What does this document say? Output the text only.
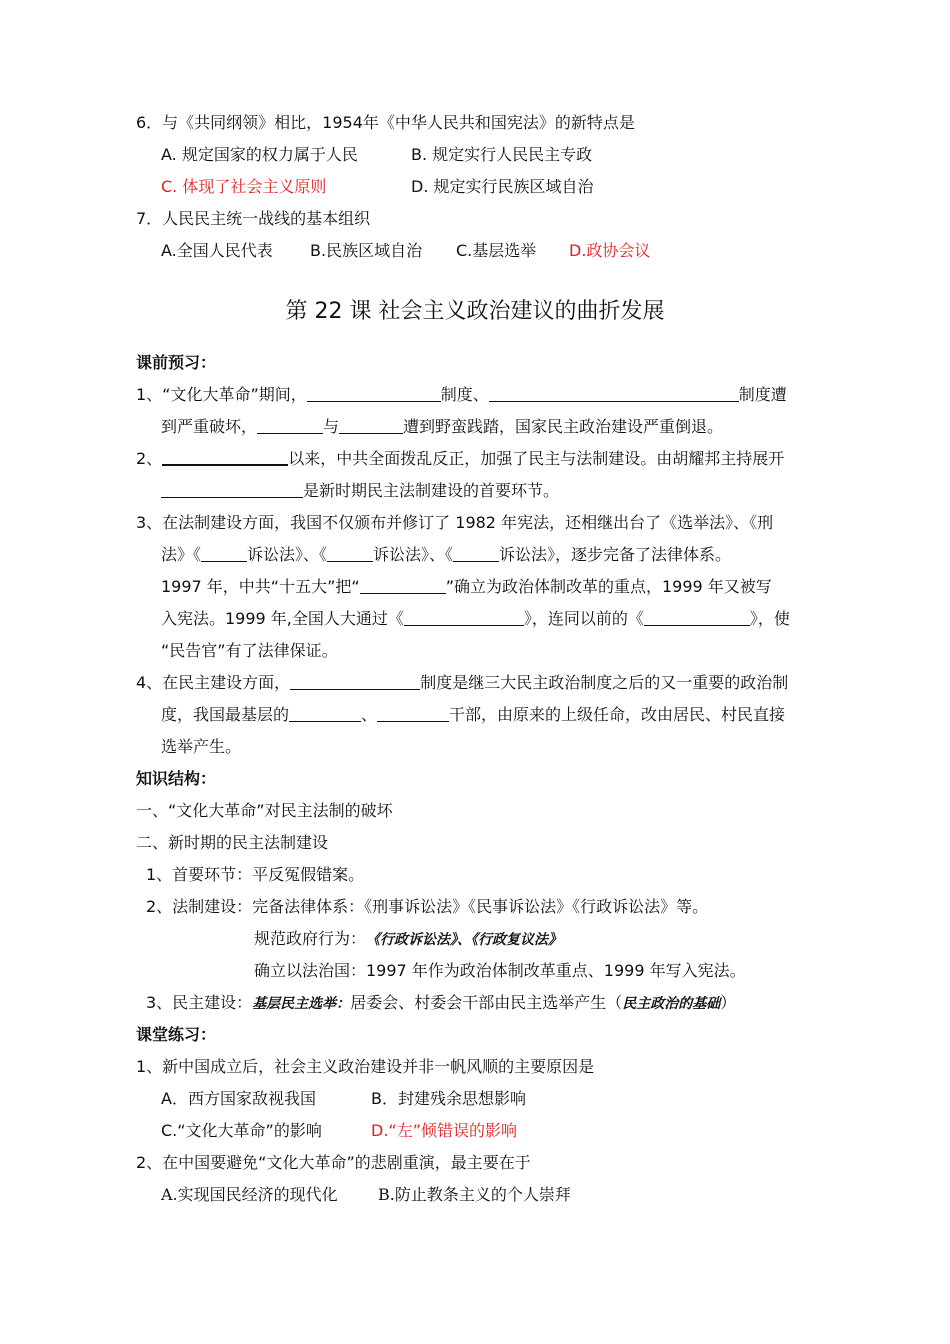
6．与《共同纲领》相比，1954年《中华人民共和国宪法》的新特点是
A. 规定国家的权力属于人民	B. 规定实行人民民主专政
C. 体现了社会主义原则	D. 规定实行民族区域自治
7．人民民主统一战线的基本组织
A.全国人民代表 B.民族区域自治 C.基层选举 D.政协会议
第 22 课 社会主义政治建议的曲折发展
课前预习：
1、“文化大革命”期间，	制度、	制度遭
到严重破坏，	与	遭到野蛮践踏，国家民主政治建设严重倒退。
2、	以来，中共全面拨乱反正，加强了民主与法制建设。由胡耀邦主持展开
是新时期民主法制建设的首要环节。
3、在法制建设方面，我国不仅颁布并修订了 1982 年宪法，还相继出台了《选举法》、《刑
法》《	诉讼法》、《	诉讼法》、《	诉讼法》，逐步完备了法律体系。
1997 年，中共“十五大”把“	”确立为政治体制改革的重点，1999 年又被写
入宪法。1999 年,全国人大通过《	》，连同以前的《	》，使
“民告官”有了法律保证。
4、在民主建设方面，	制度是继三大民主政治制度之后的又一重要的政治制
度，我国最基层的	、	干部，由原来的上级任命，改由居民、村民直接
选举产生。
知识结构：
一、“文化大革命”对民主法制的破坏
二、新时期的民主法制建设
1、首要环节：平反冤假错案。
2、法制建设：完备法律体系：《刑事诉讼法》《民事诉讼法》《行政诉讼法》等。
规范政府行为：《行政诉讼法》、《行政复议法》
确立以法治国：1997 年作为政治体制改革重点、1999 年写入宪法。
3、民主建设：基层民主选举：居委会、村委会干部由民主选举产生（民主政治的基础）
课堂练习：
1、新中国成立后，社会主义政治建设并非一帆风顺的主要原因是
A．西方国家敌视我国	B．封建残余思想影响
C.“文化大革命”的影响	D.“左”倾错误的影响
2、在中国要避免“文化大革命”的悲剧重演，最主要在于
A.实现国民经济的现代化	B.防止教条主义的个人崇拜
